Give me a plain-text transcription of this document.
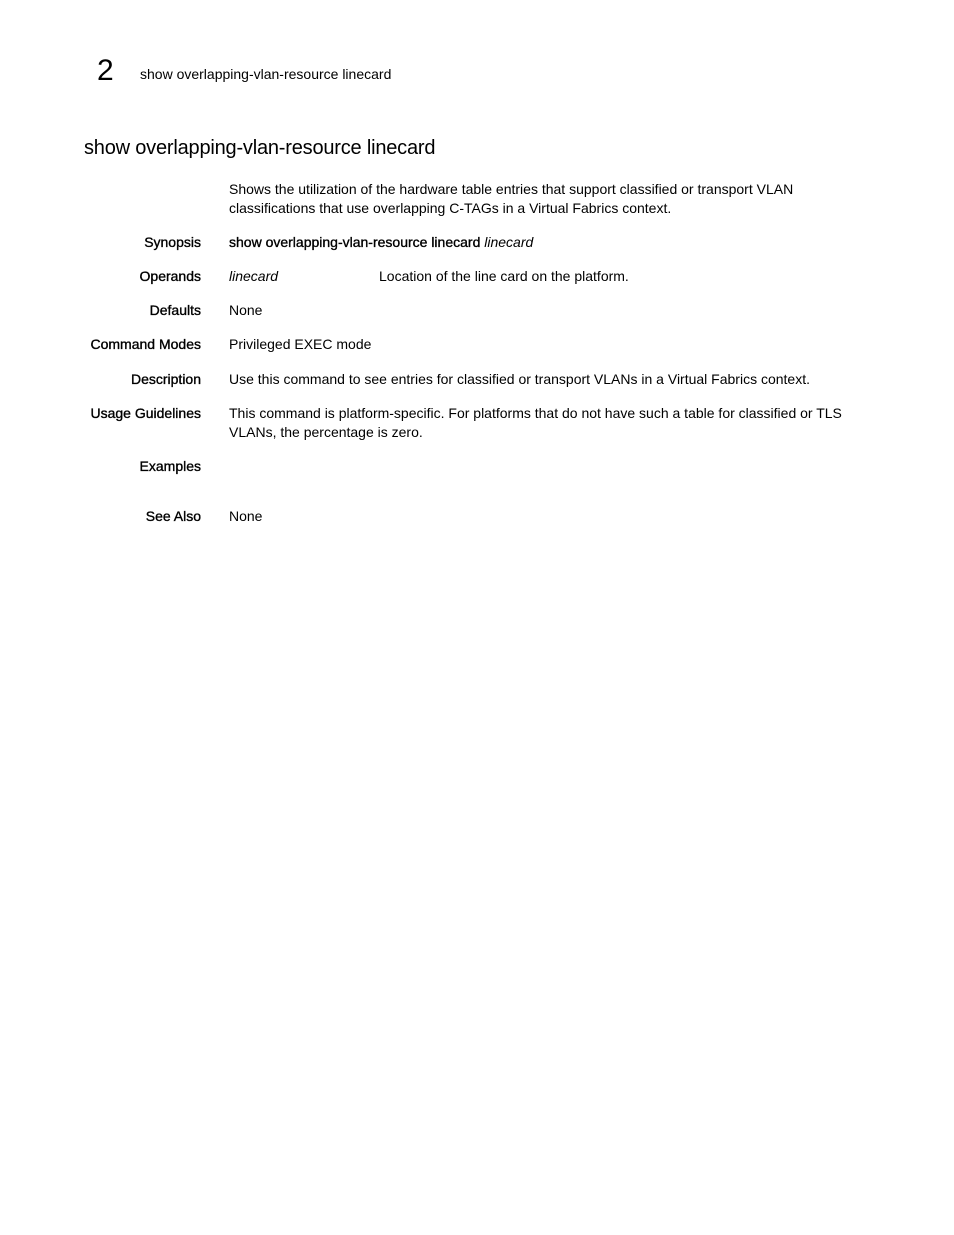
2 show overlapping-vlan-resource linecard
show overlapping-vlan-resource linecard
Shows the utilization of the hardware table entries that support classified or transport VLAN classifications that use overlapping C-TAGs in a Virtual Fabrics context.
Synopsis show overlapping-vlan-resource linecard linecard
Operands linecard	Location of the line card on the platform.
Defaults None
Command Modes Privileged EXEC mode
Description Use this command to see entries for classified or transport VLANs in a Virtual Fabrics context.
Usage Guidelines This command is platform-specific. For platforms that do not have such a table for classified or TLS VLANs, the percentage is zero.
Examples
See Also None
